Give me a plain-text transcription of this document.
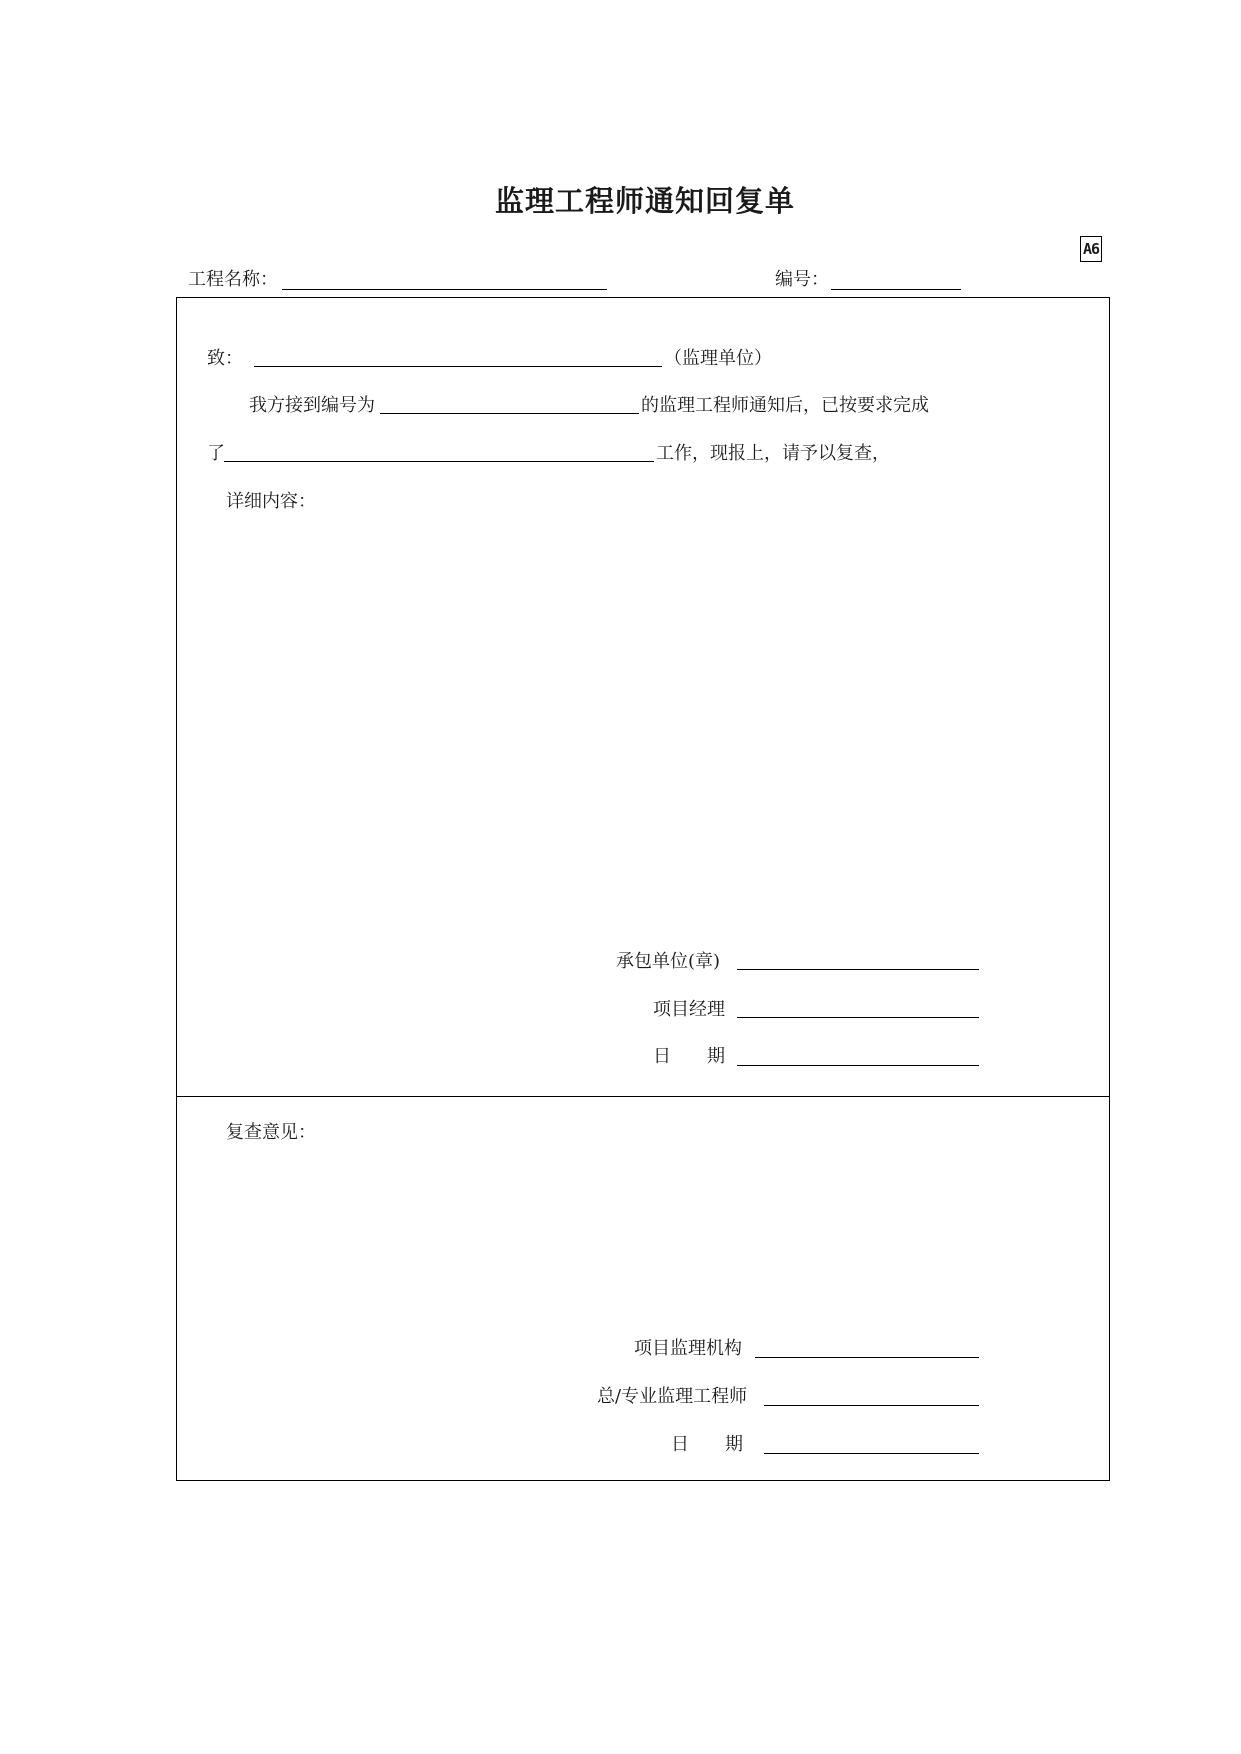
监理工程师通知回复单
A6
工程名称：	编号：
致：	（监理单位）
我方接到编号为	的监理工程师通知后，已按要求完成
了	工作，现报上，请予以复查，
详细内容：
承包单位(章)
项目经理
日　　期
复查意见：
项目监理机构
总/专业监理工程师
日　　期
